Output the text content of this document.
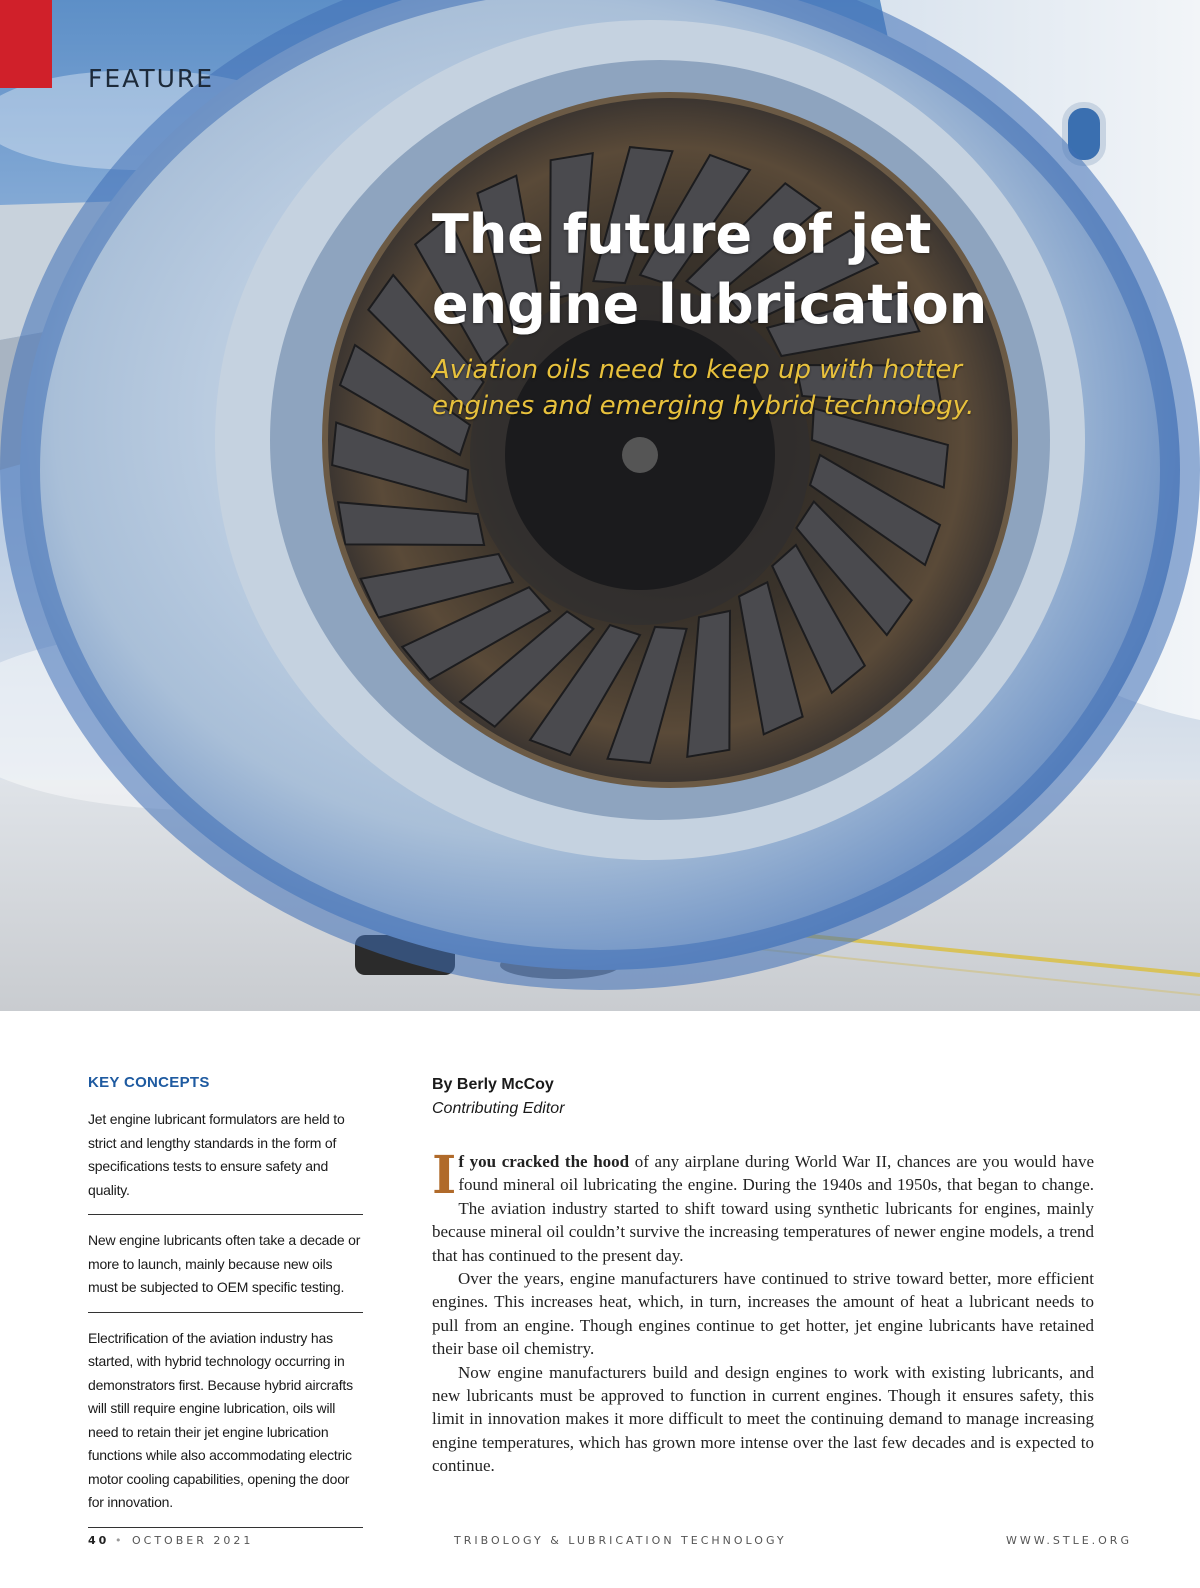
FEATURE
The future of jet
engine lubrication
Aviation oils need to keep up with hotter
engines and emerging hybrid technology.
KEY CONCEPTS
Jet engine lubricant formulators are held to strict and lengthy standards in the form of specifications tests to ensure safety and quality.
New engine lubricants often take a decade or more to launch, mainly because new oils must be subjected to OEM specific testing.
Electrification of the aviation industry has started, with hybrid technology occurring in demonstrators first. Because hybrid aircrafts will still require engine lubrication, oils will need to retain their jet engine lubrication functions while also accommodating electric motor cooling capabilities, opening the door for innovation.
By Berly McCoy
Contributing Editor

If you cracked the hood of any airplane during World War II, chances are you would have found mineral oil lubricating the engine. During the 1940s and 1950s, that began to change. The aviation industry started to shift toward using synthetic lubricants for engines, mainly because mineral oil couldn’t survive the increasing temperatures of newer engine models, a trend that has continued to the present day.

Over the years, engine manufacturers have continued to strive toward better, more efficient engines. This increases heat, which, in turn, increases the amount of heat a lubricant needs to pull from an engine. Though engines continue to get hotter, jet engine lubricants have retained their base oil chemistry.

Now engine manufacturers build and design engines to work with existing lubricants, and new lubricants must be approved to function in current engines. Though it ensures safety, this limit in innovation makes it more difficult to meet the continuing demand to manage increasing engine temperatures, which has grown more intense over the last few decades and is expected to continue.

40 • OCTOBER 2021	TRIBOLOGY & LUBRICATION TECHNOLOGY	WWW.STLE.ORG
